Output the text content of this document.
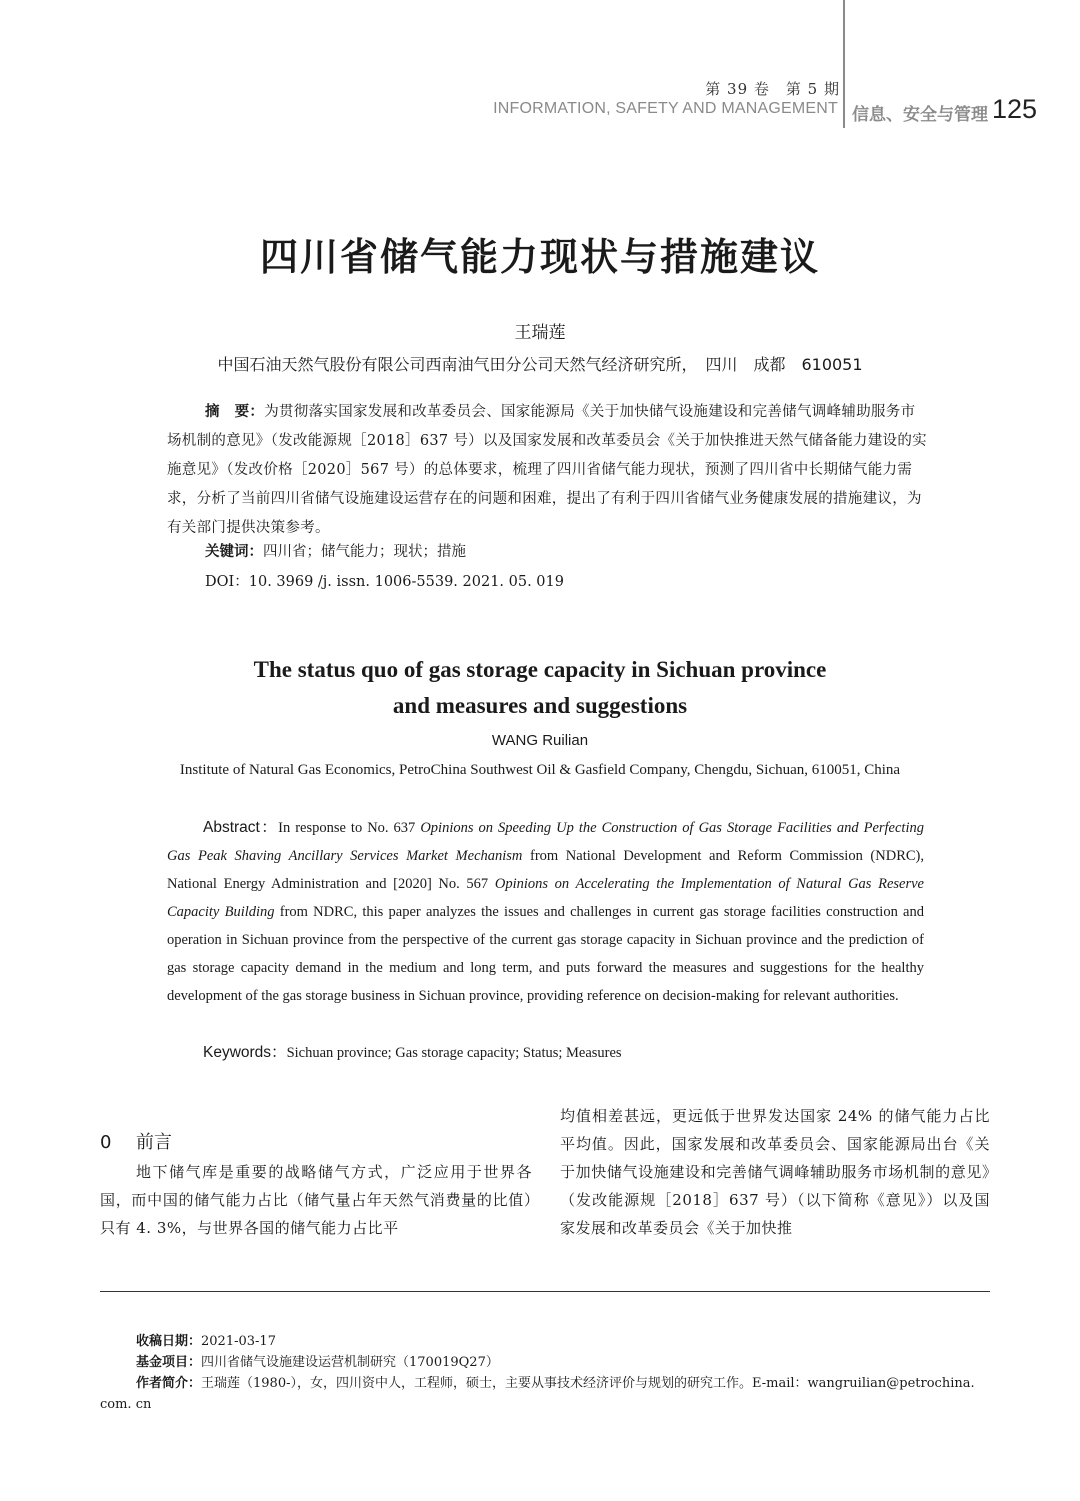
第 39 卷　第 5 期
INFORMATION, SAFETY AND MANAGEMENT 信息、安全与管理 125
四川省储气能力现状与措施建议
王瑞莲
中国石油天然气股份有限公司西南油气田分公司天然气经济研究所，　四川　成都　610051
摘　要：为贯彻落实国家发展和改革委员会、国家能源局《关于加快储气设施建设和完善储气调峰辅助服务市场机制的意见》（发改能源规［2018］637 号）以及国家发展和改革委员会《关于加快推进天然气储备能力建设的实施意见》（发改价格［2020］567 号）的总体要求，梳理了四川省储气能力现状，预测了四川省中长期储气能力需求，分析了当前四川省储气设施建设运营存在的问题和困难，提出了有利于四川省储气业务健康发展的措施建议，为有关部门提供决策参考。
关键词：四川省；储气能力；现状；措施
DOI：10. 3969 /j. issn. 1006-5539. 2021. 05. 019
The status quo of gas storage capacity in Sichuan province
and measures and suggestions
WANG Ruilian
Institute of Natural Gas Economics, PetroChina Southwest Oil & Gasfield Company, Chengdu, Sichuan, 610051, China
Abstract：In response to No. 637 Opinions on Speeding Up the Construction of Gas Storage Facilities and Perfecting Gas Peak Shaving Ancillary Services Market Mechanism from National Development and Reform Commission (NDRC), National Energy Administration and [2020] No. 567 Opinions on Accelerating the Implementation of Natural Gas Reserve Capacity Building from NDRC, this paper analyzes the issues and challenges in current gas storage facilities construction and operation in Sichuan province from the perspective of the current gas storage capacity in Sichuan province and the prediction of gas storage capacity demand in the medium and long term, and puts forward the measures and suggestions for the healthy development of the gas storage business in Sichuan province, providing reference on decision-making for relevant authorities.
Keywords：Sichuan province; Gas storage capacity; Status; Measures
0 前言
地下储气库是重要的战略储气方式，广泛应用于世界各国，而中国的储气能力占比（储气量占年天然气消费量的比值）只有 4. 3%，与世界各国的储气能力占比平
均值相差甚远，更远低于世界发达国家 24% 的储气能力占比平均值。因此，国家发展和改革委员会、国家能源局出台《关于加快储气设施建设和完善储气调峰辅助服务市场机制的意见》（发改能源规［2018］637 号）（以下简称《意见》）以及国家发展和改革委员会《关于加快推
收稿日期：2021-03-17
基金项目：四川省储气设施建设运营机制研究（170019Q27）
作者简介：王瑞莲（1980-），女，四川资中人，工程师，硕士，主要从事技术经济评价与规划的研究工作。E-mail：wangruilian@petrochina. com. cn
